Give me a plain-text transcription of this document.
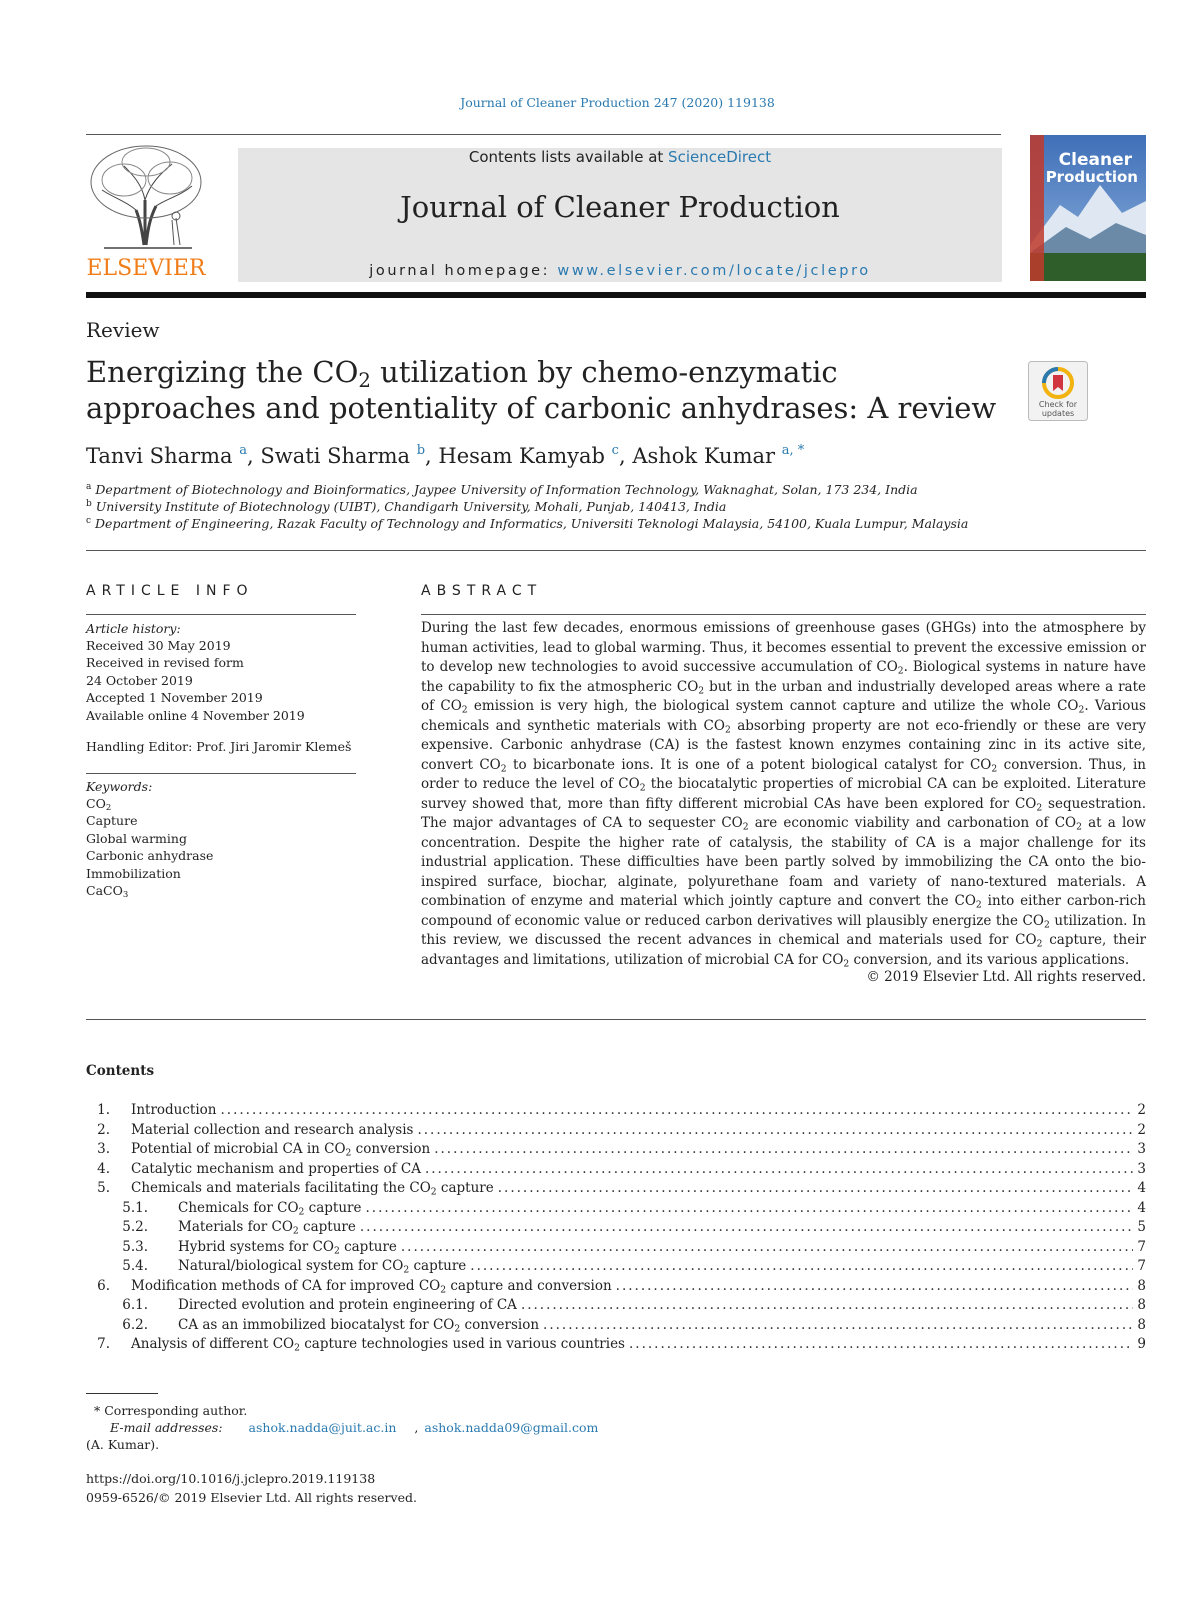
Journal of Cleaner Production 247 (2020) 119138
ELSEVIER
Contents lists available at ScienceDirect
Journal of Cleaner Production
journal homepage: www.elsevier.com/locate/jclepro
Cleaner
Production
Review
Energizing the $CO_2$ utilization by chemo-enzymatic approaches and potentiality of carbonic anhydrases: A review	Check for
updates
Tanvi Sharma $^a$, Swati Sharma $^b$, Hesam Kamyab $^c$, Ashok Kumar $^{a, *}$
$^a$ Department of Biotechnology and Bioinformatics, Jaypee University of Information Technology, Waknaghat, Solan, 173 234, India
$^b$ University Institute of Biotechnology (UIBT), Chandigarh University, Mohali, Punjab, 140413, India
$^c$ Department of Engineering, Razak Faculty of Technology and Informatics, Universiti Teknologi Malaysia, 54100, Kuala Lumpur, Malaysia
ARTICLE INFO	ABSTRACT
Article history:
Received 30 May 2019
Received in revised form
24 October 2019
Accepted 1 November 2019
Available online 4 November 2019
Handling Editor: Prof. Jiri Jaromir Klemeš
Keywords:
$CO_2$
Capture
Global warming
Carbonic anhydrase
Immobilization
CaCO$_3$
During the last few decades, enormous emissions of greenhouse gases (GHGs) into the atmosphere by human activities, lead to global warming. Thus, it becomes essential to prevent the excessive emission or to develop new technologies to avoid successive accumulation of $CO_2$. Biological systems in nature have the capability to fix the atmospheric $CO_2$ but in the urban and industrially developed areas where a rate of $CO_2$ emission is very high, the biological system cannot capture and utilize the whole $CO_2$. Various chemicals and synthetic materials with $CO_2$ absorbing property are not eco-friendly or these are very expensive. Carbonic anhydrase (CA) is the fastest known enzymes containing zinc in its active site, convert $CO_2$ to bicarbonate ions. It is one of a potent biological catalyst for $CO_2$ conversion. Thus, in order to reduce the level of $CO_2$ the biocatalytic properties of microbial CA can be exploited. Literature survey showed that, more than fifty different microbial CAs have been explored for $CO_2$ sequestration. The major advantages of CA to sequester $CO_2$ are economic viability and carbonation of $CO_2$ at a low concentration. Despite the higher rate of catalysis, the stability of CA is a major challenge for its industrial application. These difficulties have been partly solved by immobilizing the CA onto the bio-inspired surface, biochar, alginate, polyurethane foam and variety of nano-textured materials. A combination of enzyme and material which jointly capture and convert the $CO_2$ into either carbon-rich compound of economic value or reduced carbon derivatives will plausibly energize the $CO_2$ utilization. In this review, we discussed the recent advances in chemical and materials used for $CO_2$ capture, their advantages and limitations, utilization of microbial CA for $CO_2$ conversion, and its various applications.
© 2019 Elsevier Ltd. All rights reserved.
Contents
1. Introduction .....	2
2. Material collection and research analysis .....	2
3. Potential of microbial CA in $CO_2$ conversion .....	3
4. Catalytic mechanism and properties of CA .....	3
5. Chemicals and materials facilitating the $CO_2$ capture .....	4
5.1. Chemicals for $CO_2$ capture .....	4
5.2. Materials for $CO_2$ capture .....	5
5.3. Hybrid systems for $CO_2$ capture .....	7
5.4. Natural/biological system for $CO_2$ capture .....	7
6. Modification methods of CA for improved $CO_2$ capture and conversion .....	8
6.1. Directed evolution and protein engineering of CA .....	8
6.2. CA as an immobilized biocatalyst for $CO_2$ conversion .....	8
7. Analysis of different $CO_2$ capture technologies used in various countries .....	9
* Corresponding author.
E-mail addresses: ashok.nadda@juit.ac.in , ashok.nadda09@gmail.com
(A. Kumar).
https://doi.org/10.1016/j.jclepro.2019.119138
0959-6526/© 2019 Elsevier Ltd. All rights reserved.
